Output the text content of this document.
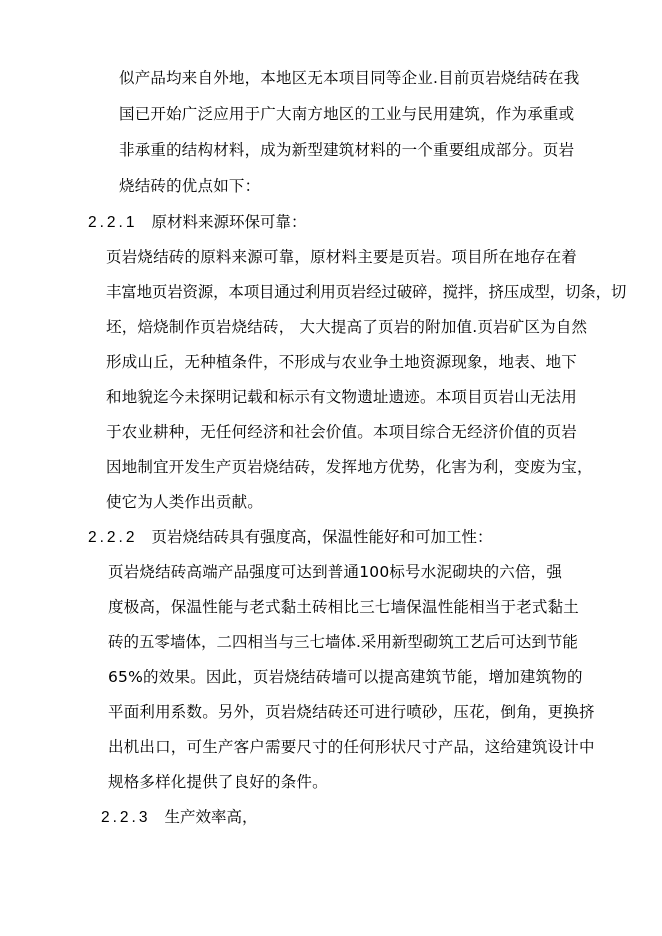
似产品均来自外地，本地区无本项目同等企业.目前页岩烧结砖在我
国已开始广泛应用于广大南方地区的工业与民用建筑，作为承重或
非承重的结构材料，成为新型建筑材料的一个重要组成部分。页岩
烧结砖的优点如下：
2.2.1 原材料来源环保可靠：
页岩烧结砖的原料来源可靠，原材料主要是页岩。项目所在地存在着
丰富地页岩资源，本项目通过利用页岩经过破碎，搅拌，挤压成型，切条，切
坯，焙烧制作页岩烧结砖， 大大提高了页岩的附加值.页岩矿区为自然
形成山丘，无种植条件，不形成与农业争土地资源现象，地表、地下
和地貌迄今未探明记载和标示有文物遗址遗迹。本项目页岩山无法用
于农业耕种，无任何经济和社会价值。本项目综合无经济价值的页岩
因地制宜开发生产页岩烧结砖，发挥地方优势，化害为利，变废为宝，
使它为人类作出贡献。
2.2.2 页岩烧结砖具有强度高，保温性能好和可加工性：
页岩烧结砖高端产品强度可达到普通100标号水泥砌块的六倍，强
度极高，保温性能与老式黏土砖相比三七墙保温性能相当于老式黏土
砖的五零墙体，二四相当与三七墙体.采用新型砌筑工艺后可达到节能
65%的效果。因此，页岩烧结砖墙可以提高建筑节能，增加建筑物的
平面利用系数。另外，页岩烧结砖还可进行喷砂，压花，倒角，更换挤
出机出口，可生产客户需要尺寸的任何形状尺寸产品，这给建筑设计中
规格多样化提供了良好的条件。
2.2.3 生产效率高，
